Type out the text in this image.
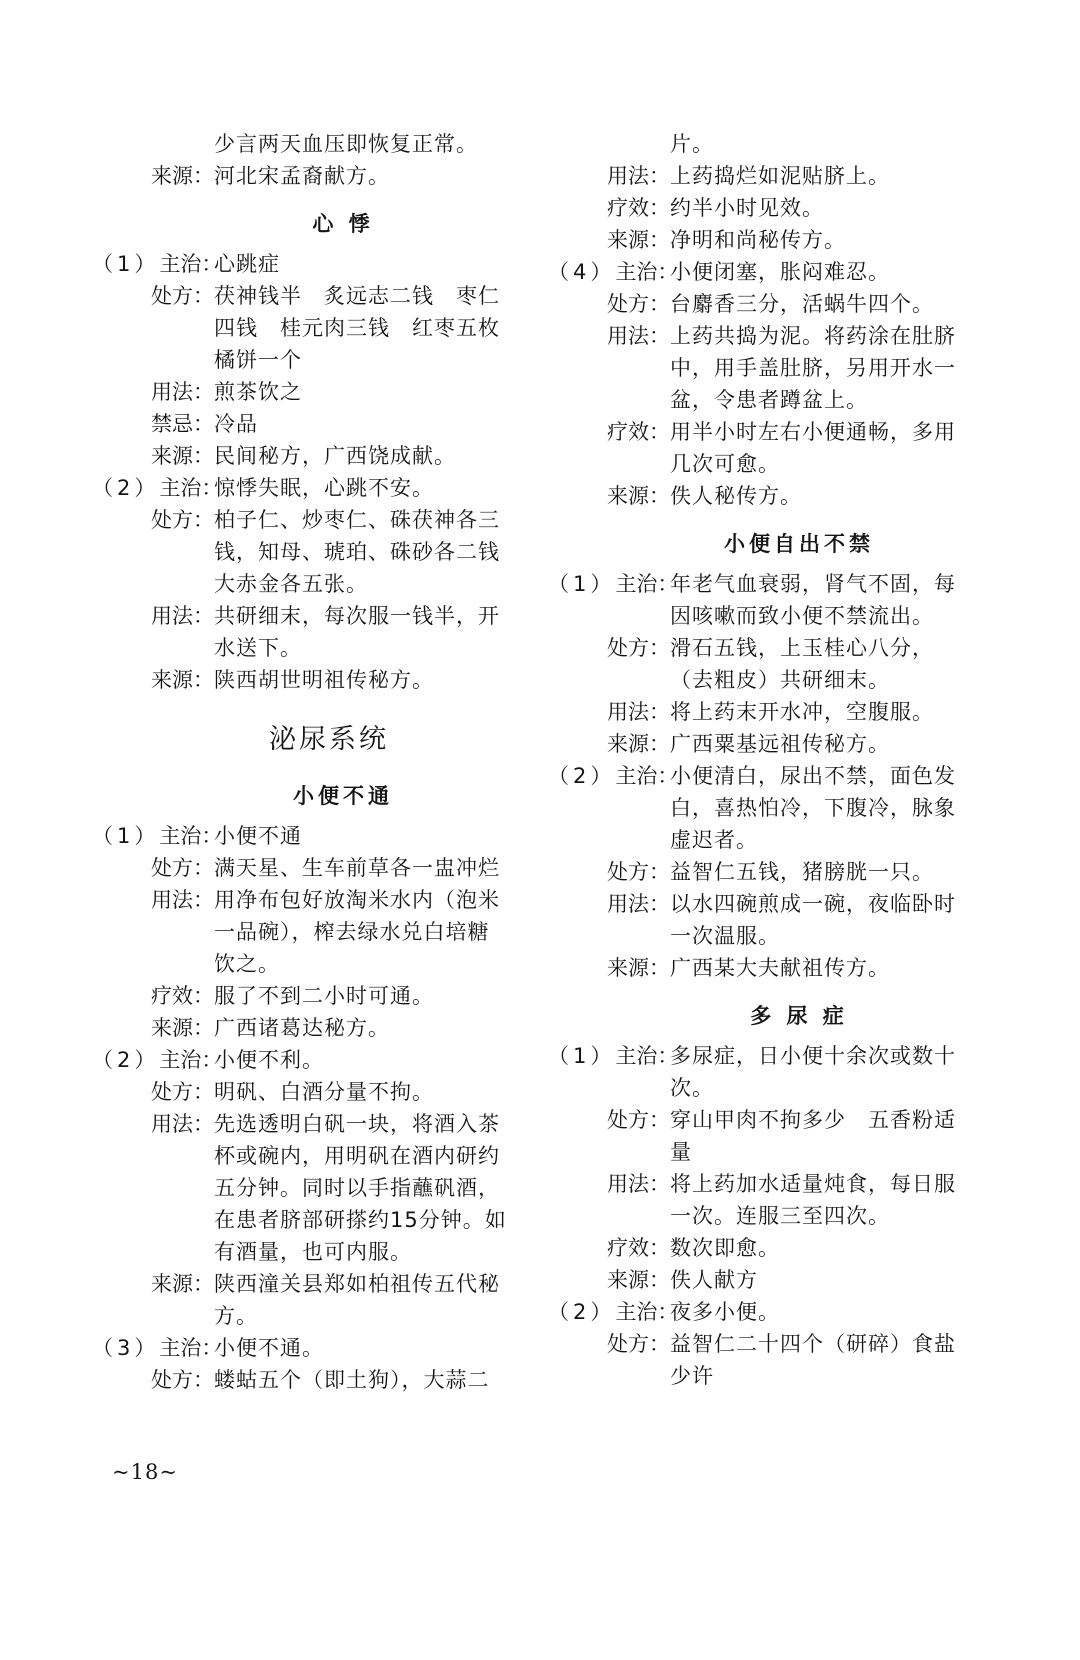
少言两天血压即恢复正常。
来源： 河北宋孟裔献方。
心 悸
（1）主治：
心跳症
处方： 茯神钱半　炙远志二钱　枣仁
四钱　桂元肉三钱　红枣五枚
橘饼一个
用法： 煎茶饮之
禁忌： 冷品
来源： 民间秘方，广西饶成献。
（2）主治：
惊悸失眠，心跳不安。
处方： 柏子仁、炒枣仁、硃茯神各三
钱，知母、琥珀、硃砂各二钱
大赤金各五张。
用法： 共研细末，每次服一钱半，开
水送下。
来源： 陕西胡世明祖传秘方。
泌尿系统
小便不通
（1）主治：
小便不通
处方： 满天星、生车前草各一盅冲烂
用法： 用净布包好放淘米水内（泡米
一品碗），榨去绿水兑白培糖
饮之。
疗效： 服了不到二小时可通。
来源： 广西诸葛达秘方。
（2）主治：
小便不利。
处方： 明矾、白酒分量不拘。
用法： 先选透明白矾一块，将酒入茶
杯或碗内，用明矾在酒内研约
五分钟。同时以手指蘸矾酒，
在患者脐部研搽约15分钟。如
有酒量，也可内服。
来源： 陕西潼关县郑如柏祖传五代秘
方。
（3）主治：
小便不通。
处方： 蝼蛄五个（即土狗），大蒜二
片。
用法： 上药捣烂如泥贴脐上。
疗效： 约半小时见效。
来源： 净明和尚秘传方。
（4）主治：
小便闭塞，胀闷难忍。
处方： 台麝香三分，活蜗牛四个。
用法： 上药共捣为泥。将药涂在肚脐
中，用手盖肚脐，另用开水一
盆，令患者蹲盆上。
疗效： 用半小时左右小便通畅，多用
几次可愈。
来源： 佚人秘传方。
小便自出不禁
（1）主治：
年老气血衰弱，肾气不固，每
因咳嗽而致小便不禁流出。
处方： 滑石五钱，上玉桂心八分，
（去粗皮）共研细末。
用法： 将上药末开水冲，空腹服。
来源： 广西粟基远祖传秘方。
（2）主治：
小便清白，尿出不禁，面色发
白，喜热怕冷，下腹冷，脉象
虚迟者。
处方： 益智仁五钱，猪膀胱一只。
用法： 以水四碗煎成一碗，夜临卧时
一次温服。
来源： 广西某大夫献祖传方。
多 尿 症
（1）主治：
多尿症，日小便十余次或数十
次。
处方： 穿山甲肉不拘多少　五香粉适
量
用法： 将上药加水适量炖食，每日服
一次。连服三至四次。
疗效： 数次即愈。
来源： 佚人献方
（2）主治：
夜多小便。
处方： 益智仁二十四个（研碎）食盐
少许
~18~
